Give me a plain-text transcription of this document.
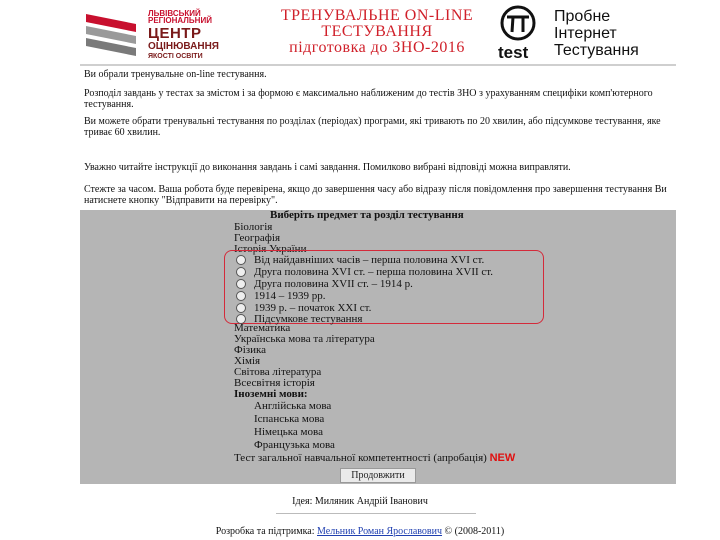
ЛЬВІВСЬКИЙ
РЕГІОНАЛЬНИЙ
ЦЕНТР
ОЦІНЮВАННЯ
ЯКОСТІ ОСВІТИ
ТРЕНУВАЛЬНЕ ON-LINE
ТЕСТУВАННЯ
підготовка до ЗНО-2016	test
Пробне
Інтернет
Тестування
Ви обрали тренувальне on-line тестування.
Розподіл завдань у тестах за змістом і за формою є максимально наближеним до тестів ЗНО з урахуванням специфіки комп'ютерного тестування.
Ви можете обрати тренувальні тестування по розділах (періодах) програми, які тривають по 20 хвилин, або підсумкове тестування, яке триває 60 хвилин.
Уважно читайте інструкції до виконання завдань і самі завдання. Помилково вибрані відповіді можна виправляти.
Стежте за часом. Ваша робота буде перевірена, якщо до завершення часу або відразу після повідомлення про завершення тестування Ви натиснете кнопку "Відправити на перевірку".
Виберіть предмет та розділ тестування
Біологія
Географія
Історія України
Від найдавніших часів – перша половина XVI ст.
Друга половина XVI ст. – перша половина XVII ст.
Друга половина XVII ст. – 1914 р.
1914 – 1939 рр.
1939 р. – початок XXI ст.
Підсумкове тестування
Математика
Українська мова та література
Фізика
Хімія
Світова література
Всесвітня історія
Іноземні мови:
Англійська мова
Іспанська мова
Німецька мова
Французька мова
Тест загальної навчальної компетентності (апробація) NEW
Продовжити
Ідея: Миляник Андрій Іванович
Розробка та підтримка: Мельник Роман Ярославович © (2008-2011)
